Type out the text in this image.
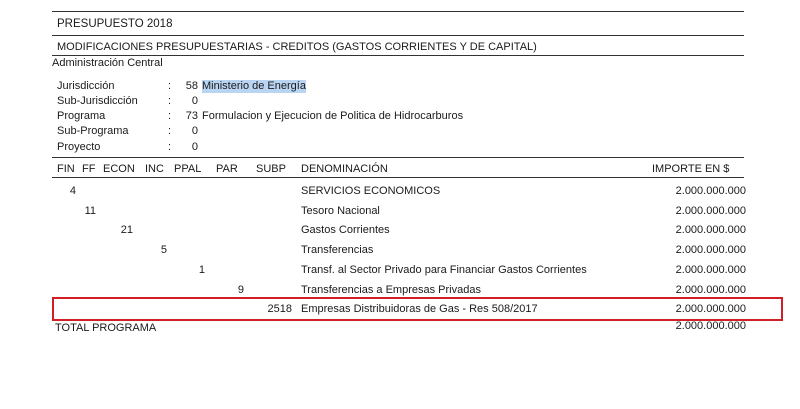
PRESUPUESTO 2018
MODIFICACIONES PRESUPUESTARIAS - CREDITOS (GASTOS CORRIENTES Y DE CAPITAL)
Administración Central
Jurisdicción	:	58 Ministerio de Energía
Sub-Jurisdicción	:	0
Programa	:	73 Formulacion y Ejecucion de Politica de Hidrocarburos
Sub-Programa	:	0
Proyecto	:	0
FIN FF ECON INC PPAL PAR SUBP DENOMINACIÓN	IMPORTE EN $
4	SERVICIOS ECONOMICOS	2.000.000.000
11	Tesoro Nacional	2.000.000.000
21	Gastos Corrientes	2.000.000.000
5	Transferencias	2.000.000.000
1	Transf. al Sector Privado para Financiar Gastos Corrientes	2.000.000.000
9	Transferencias a Empresas Privadas	2.000.000.000
2518 Empresas Distribuidoras de Gas - Res 508/2017	2.000.000.000
TOTAL PROGRAMA	2.000.000.000
